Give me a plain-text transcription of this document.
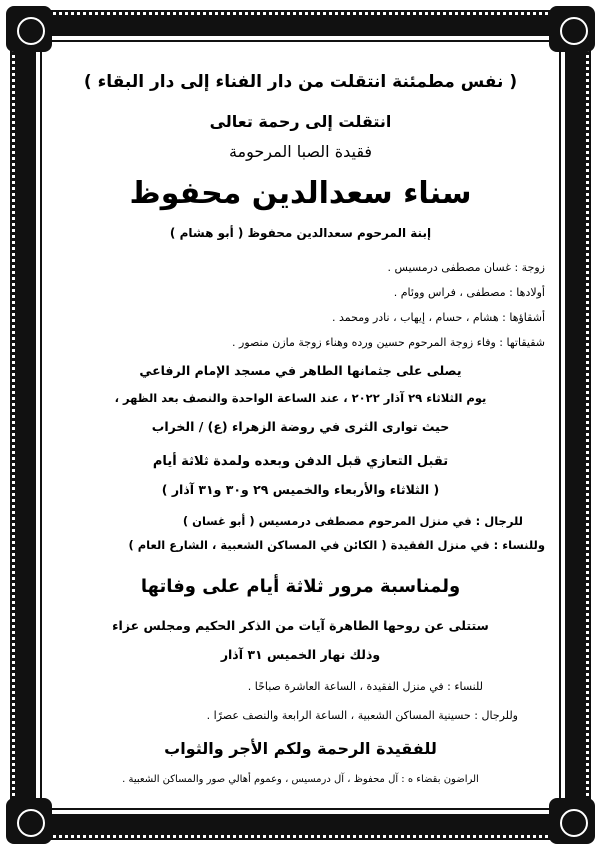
( نفس مطمئنة انتقلت من دار الفناء إلى دار البقاء )
انتقلت إلى رحمة تعالى
فقيدة الصبا المرحومة
سناء سعدالدين محفوظ
إبنة المرحوم سعدالدين محفوظ ( أبو هشام )
زوجة : غسان مصطفى درمسيس .
أولادها : مصطفى ، فراس ووئام .
أشقاؤها : هشام ، حسام ، إيهاب ، نادر ومحمد .
شقيقاتها : وفاء زوجة المرحوم حسين ورده وهناء زوجة مازن منصور .
يصلى على جثمانها الطاهر في مسجد الإمام الرفاعي
يوم الثلاثاء ٢٩ آذار ٢٠٢٢ ، عند الساعة الواحدة والنصف بعد الظهر ،
حيث توارى الثرى في روضة الزهراء (ع) / الخراب
تقبل التعازي قبل الدفن وبعده ولمدة ثلاثة أيام
( الثلاثاء والأربعاء والخميس ٢٩ و٣٠ و٣١ آذار )
للرجال : في منزل المرحوم مصطفى درمسيس ( أبو غسان )
وللنساء : في منزل الفقيدة ( الكائن في المساكن الشعبية ، الشارع العام )
ولمناسبة مرور ثلاثة أيام على وفاتها
ستتلى عن روحها الطاهرة آيات من الذكر الحكيم ومجلس عزاء
وذلك نهار الخميس ٣١ آذار
للنساء : في منزل الفقيدة ، الساعة العاشرة صباحًا .
وللرجال : حسينية المساكن الشعبية ، الساعة الرابعة والنصف عصرًا .
للفقيدة الرحمة ولكم الأجر والثواب
الراضون بقضاء ه : آل محفوظ ، آل درمسيس ، وعموم أهالي صور والمساكن الشعبية .
